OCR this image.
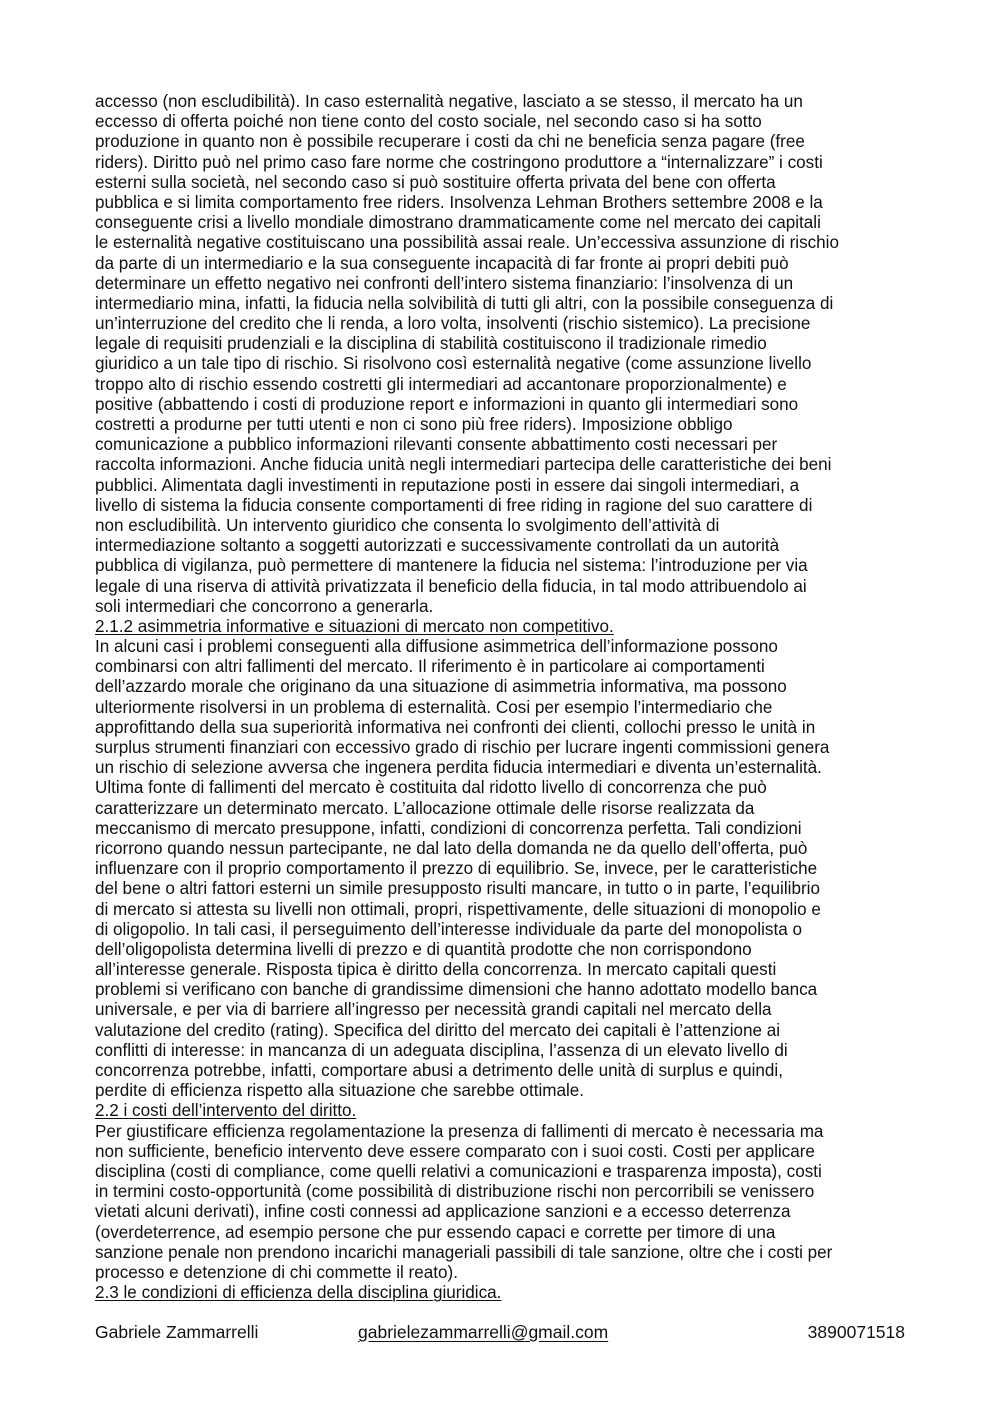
accesso (non escludibilità). In caso esternalità negative, lasciato a se stesso, il mercato ha un
eccesso di offerta poiché non tiene conto del costo sociale, nel secondo caso si ha sotto
produzione in quanto non è possibile recuperare i costi da chi ne beneficia senza pagare (free
riders). Diritto può nel primo caso fare norme che costringono produttore a “internalizzare” i costi
esterni sulla società, nel secondo caso si può sostituire offerta privata del bene con offerta
pubblica e si limita comportamento free riders. Insolvenza Lehman Brothers settembre 2008 e la
conseguente crisi a livello mondiale dimostrano drammaticamente come nel mercato dei capitali
le esternalità negative costituiscano una possibilità assai reale. Un’eccessiva assunzione di rischio
da parte di un intermediario e la sua conseguente incapacità di far fronte ai propri debiti può
determinare un effetto negativo nei confronti dell’intero sistema finanziario: l’insolvenza di un
intermediario mina, infatti, la fiducia nella solvibilità di tutti gli altri, con la possibile conseguenza di
un’interruzione del credito che li renda, a loro volta, insolventi (rischio sistemico). La precisione
legale di requisiti prudenziali e la disciplina di stabilità costituiscono il tradizionale rimedio
giuridico a un tale tipo di rischio. Si risolvono così esternalità negative (come assunzione livello
troppo alto di rischio essendo costretti gli intermediari ad accantonare proporzionalmente) e
positive (abbattendo i costi di produzione report e informazioni in quanto gli intermediari sono
costretti a produrne per tutti utenti e non ci sono più free riders). Imposizione obbligo
comunicazione a pubblico informazioni rilevanti consente abbattimento costi necessari per
raccolta informazioni. Anche fiducia unità negli intermediari partecipa delle caratteristiche dei beni
pubblici. Alimentata dagli investimenti in reputazione posti in essere dai singoli intermediari, a
livello di sistema la fiducia consente comportamenti di free riding in ragione del suo carattere di
non escludibilità. Un intervento giuridico che consenta lo svolgimento dell’attività di
intermediazione soltanto a soggetti autorizzati e successivamente controllati da un autorità
pubblica di vigilanza, può permettere di mantenere la fiducia nel sistema: l’introduzione per via
legale di una riserva di attività privatizzata il beneficio della fiducia, in tal modo attribuendolo ai
soli intermediari che concorrono a generarla.
2.1.2 asimmetria informative e situazioni di mercato non competitivo.
In alcuni casi i problemi conseguenti alla diffusione asimmetrica dell’informazione possono
combinarsi con altri fallimenti del mercato. Il riferimento è in particolare ai comportamenti
dell’azzardo morale che originano da una situazione di asimmetria informativa, ma possono
ulteriormente risolversi in un problema di esternalità. Cosi per esempio l’intermediario che
approfittando della sua superiorità informativa nei confronti dei clienti, collochi presso le unità in
surplus strumenti finanziari con eccessivo grado di rischio per lucrare ingenti commissioni genera
un rischio di selezione avversa che ingenera perdita fiducia intermediari e diventa un’esternalità.
Ultima fonte di fallimenti del mercato è costituita dal ridotto livello di concorrenza che può
caratterizzare un determinato mercato. L’allocazione ottimale delle risorse realizzata da
meccanismo di mercato presuppone, infatti, condizioni di concorrenza perfetta. Tali condizioni
ricorrono quando nessun partecipante, ne dal lato della domanda ne da quello dell’offerta, può
influenzare con il proprio comportamento il prezzo di equilibrio. Se, invece, per le caratteristiche
del bene o altri fattori esterni un simile presupposto risulti mancare, in tutto o in parte, l’equilibrio
di mercato si attesta su livelli non ottimali, propri, rispettivamente, delle situazioni di monopolio e
di oligopolio. In tali casi, il perseguimento dell’interesse individuale da parte del monopolista o
dell’oligopolista determina livelli di prezzo e di quantità prodotte che non corrispondono
all’interesse generale. Risposta tipica è diritto della concorrenza. In mercato capitali questi
problemi si verificano con banche di grandissime dimensioni che hanno adottato modello banca
universale, e per via di barriere all’ingresso per necessità grandi capitali nel mercato della
valutazione del credito (rating). Specifica del diritto del mercato dei capitali è l’attenzione ai
conflitti di interesse: in mancanza di un adeguata disciplina, l’assenza di un elevato livello di
concorrenza potrebbe, infatti, comportare abusi a detrimento delle unità di surplus e quindi,
perdite di efficienza rispetto alla situazione che sarebbe ottimale.
2.2 i costi dell’intervento del diritto.
Per giustificare efficienza regolamentazione la presenza di fallimenti di mercato è necessaria ma
non sufficiente, beneficio intervento deve essere comparato con i suoi costi. Costi per applicare
disciplina (costi di compliance, come quelli relativi a comunicazioni e trasparenza imposta), costi
in termini costo-opportunità (come possibilità di distribuzione rischi non percorribili se venissero
vietati alcuni derivati), infine costi connessi ad applicazione sanzioni e a eccesso deterrenza
(overdeterrence, ad esempio persone che pur essendo capaci e corrette per timore di una
sanzione penale non prendono incarichi manageriali passibili di tale sanzione, oltre che i costi per
processo e detenzione di chi commette il reato).
2.3 le condizioni di efficienza della disciplina giuridica.
Gabriele Zammarrelli	gabrielezammarrelli@gmail.com	3890071518
